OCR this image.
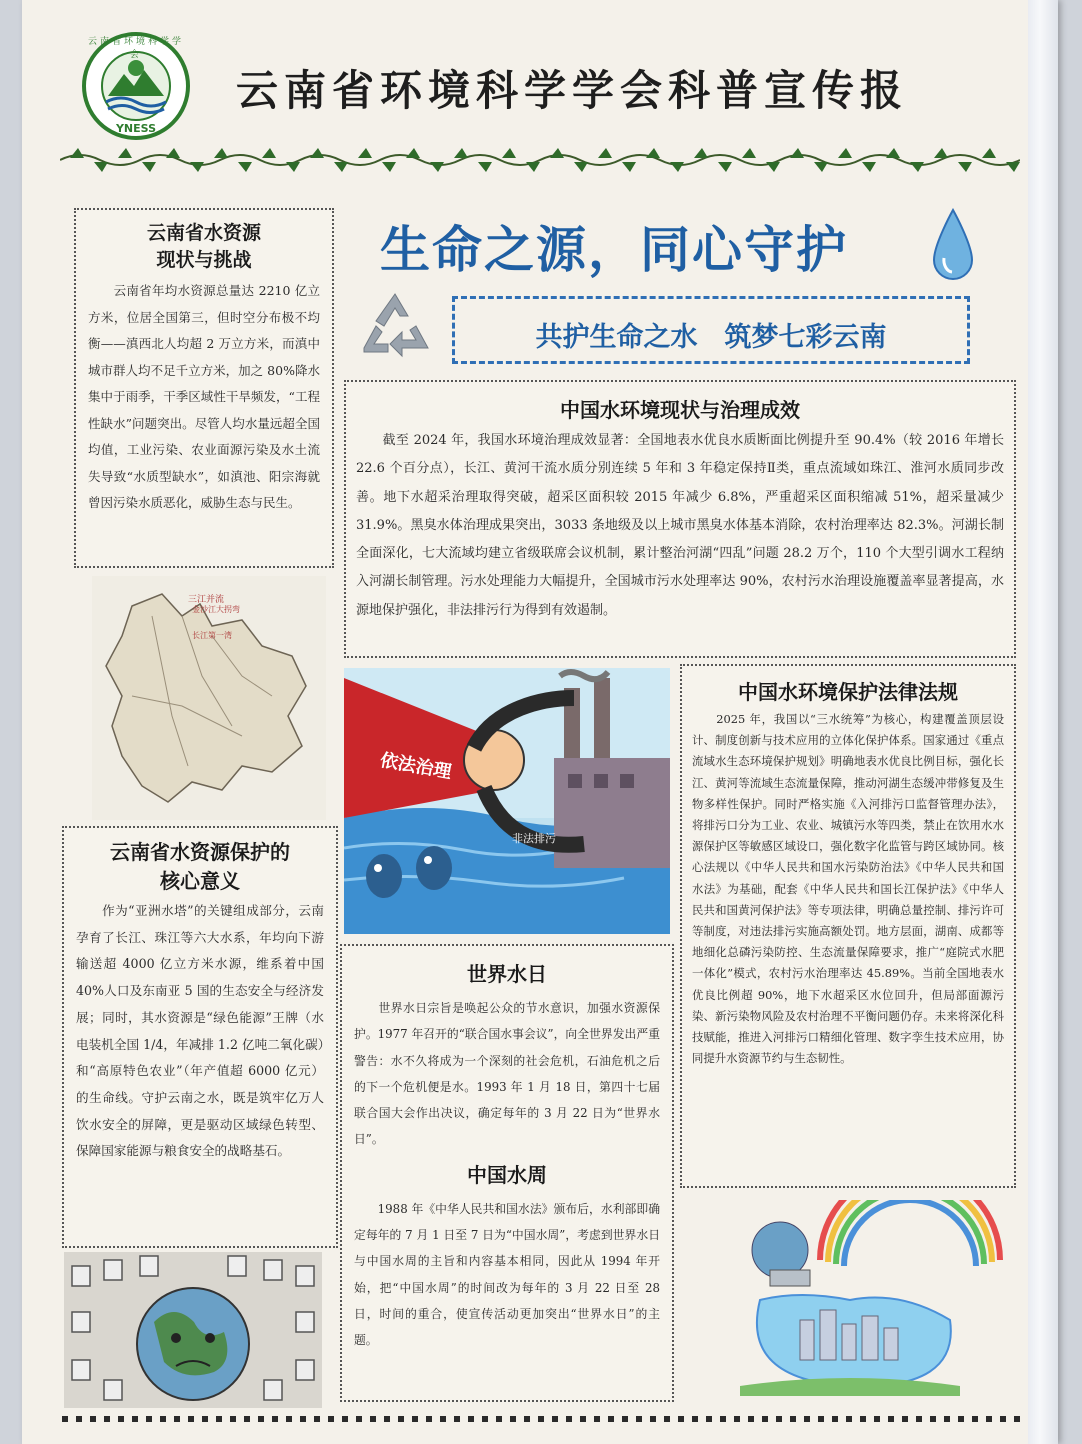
YNESS
云南省环境科学学会
云南省环境科学学会科普宣传报
生命之源，同心守护
共护生命之水　筑梦七彩云南
云南省水资源
现状与挑战
　　云南省年均水资源总量达 2210 亿立方米，位居全国第三，但时空分布极不均衡——滇西北人均超 2 万立方米，而滇中城市群人均不足千立方米，加之 80%降水集中于雨季，干季区域性干旱频发，“工程性缺水”问题突出。尽管人均水量远超全国均值，工业污染、农业面源污染及水土流失导致“水质型缺水”，如滇池、阳宗海就曾因污染水质恶化，威胁生态与民生。
三江并流
金沙江大拐弯
长江第一湾
中国水环境现状与治理成效
　　截至 2024 年，我国水环境治理成效显著：全国地表水优良水质断面比例提升至 90.4%（较 2016 年增长 22.6 个百分点），长江、黄河干流水质分别连续 5 年和 3 年稳定保持Ⅱ类，重点流域如珠江、淮河水质同步改善。地下水超采治理取得突破，超采区面积较 2015 年减少 6.8%，严重超采区面积缩减 51%，超采量减少 31.9%。黑臭水体治理成果突出，3033 条地级及以上城市黑臭水体基本消除，农村治理率达 82.3%。河湖长制全面深化，七大流域均建立省级联席会议机制，累计整治河湖“四乱”问题 28.2 万个，110 个大型引调水工程纳入河湖长制管理。污水处理能力大幅提升，全国城市污水处理率达 90%，农村污水治理设施覆盖率显著提高，水源地保护强化，非法排污行为得到有效遏制。
依法治理
非法排污
云南省水资源保护的
核心意义
　　作为“亚洲水塔”的关键组成部分，云南孕育了长江、珠江等六大水系，年均向下游输送超 4000 亿立方米水源，维系着中国 40%人口及东南亚 5 国的生态安全与经济发展；同时，其水资源是“绿色能源”王牌（水电装机全国 1/4，年减排 1.2 亿吨二氧化碳）和“高原特色农业”（年产值超 6000 亿元）的生命线。守护云南之水，既是筑牢亿万人饮水安全的屏障，更是驱动区域绿色转型、保障国家能源与粮食安全的战略基石。
中国水环境保护法律法规
　　2025 年，我国以“三水统筹”为核心，构建覆盖顶层设计、制度创新与技术应用的立体化保护体系。国家通过《重点流域水生态环境保护规划》明确地表水优良比例目标，强化长江、黄河等流域生态流量保障，推动河湖生态缓冲带修复及生物多样性保护。同时严格实施《入河排污口监督管理办法》，将排污口分为工业、农业、城镇污水等四类，禁止在饮用水水源保护区等敏感区域设口，强化数字化监管与跨区域协同。核心法规以《中华人民共和国水污染防治法》《中华人民共和国水法》为基础，配套《中华人民共和国长江保护法》《中华人民共和国黄河保护法》等专项法律，明确总量控制、排污许可等制度，对违法排污实施高额处罚。地方层面，湖南、成都等地细化总磷污染防控、生态流量保障要求，推广“庭院式水肥一体化”模式，农村污水治理率达 45.89%。当前全国地表水优良比例超 90%，地下水超采区水位回升，但局部面源污染、新污染物风险及农村治理不平衡问题仍存。未来将深化科技赋能，推进入河排污口精细化管理、数字孪生技术应用，协同提升水资源节约与生态韧性。
世界水日
　　世界水日宗旨是唤起公众的节水意识，加强水资源保护。1977 年召开的“联合国水事会议”，向全世界发出严重警告：水不久将成为一个深刻的社会危机，石油危机之后的下一个危机便是水。1993 年 1 月 18 日，第四十七届联合国大会作出决议，确定每年的 3 月 22 日为“世界水日”。
中国水周
　　1988 年《中华人民共和国水法》颁布后，水利部即确定每年的 7 月 1 日至 7 日为“中国水周”，考虑到世界水日与中国水周的主旨和内容基本相同，因此从 1994 年开始，把“中国水周”的时间改为每年的 3 月 22 日至 28 日，时间的重合，使宣传活动更加突出“世界水日”的主题。
